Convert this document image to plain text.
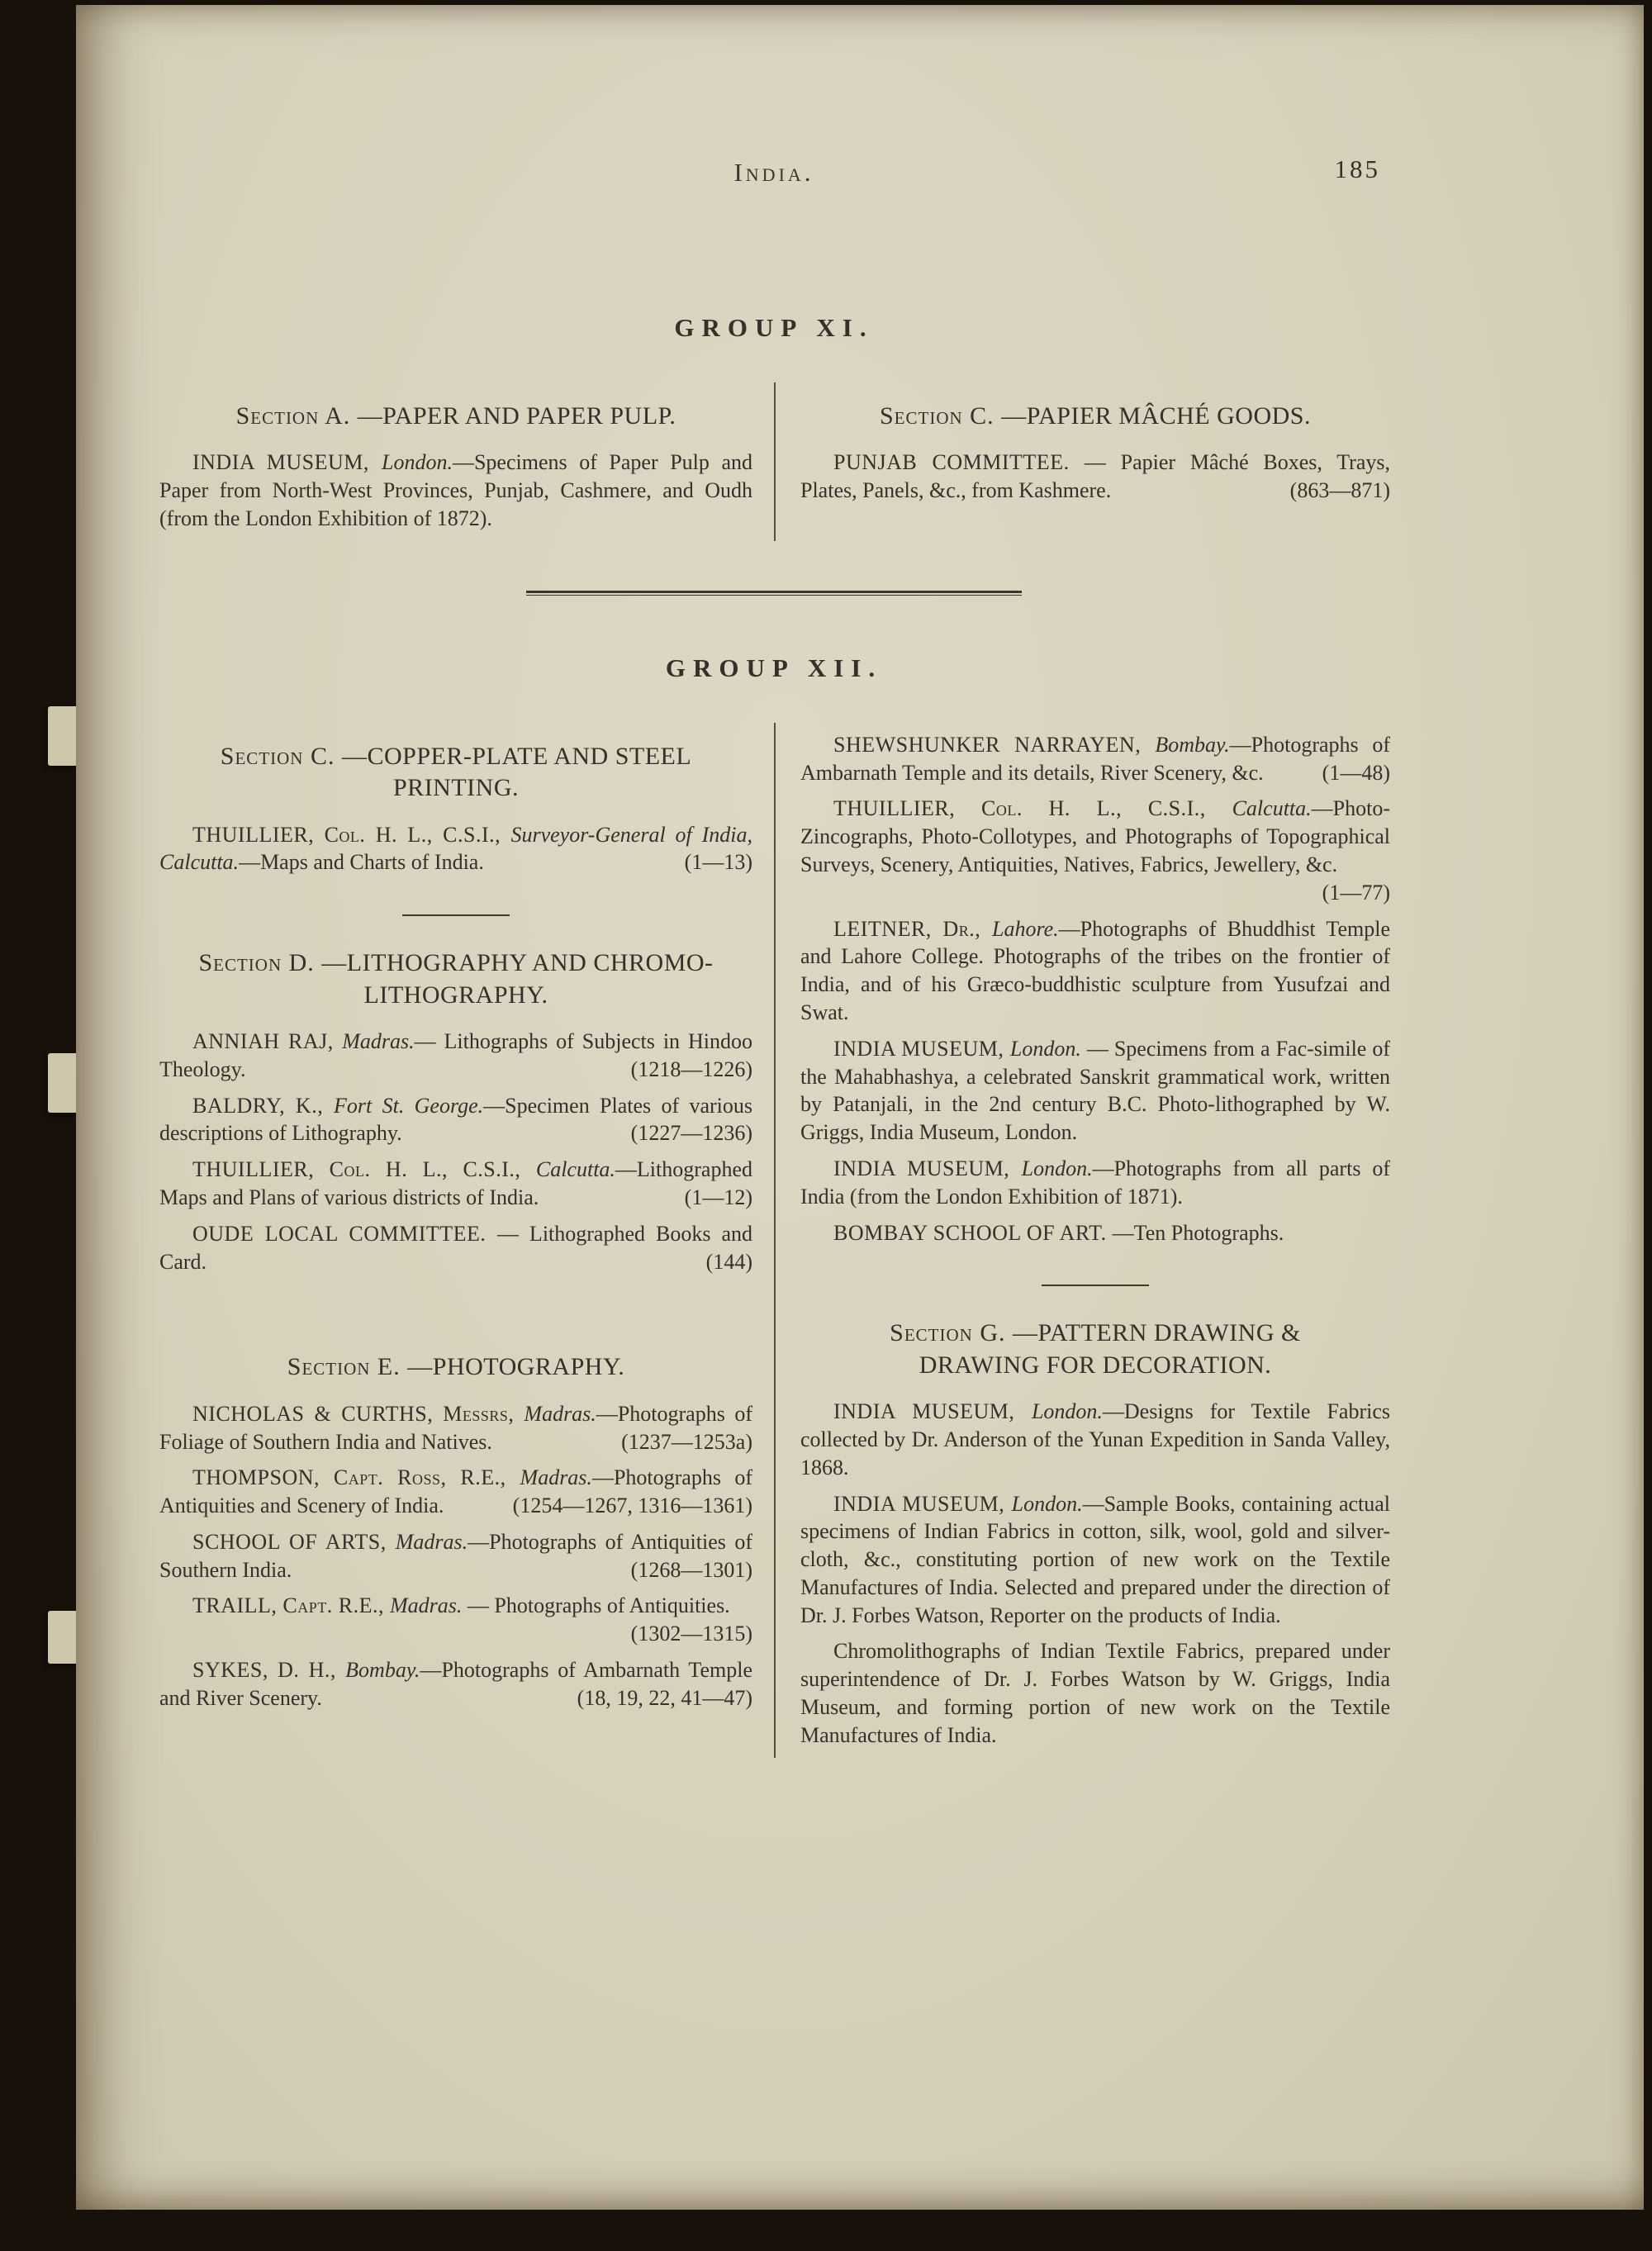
India.	185
GROUP XI.
Section A. —PAPER AND PAPER PULP.

INDIA MUSEUM, London.—Specimens of Paper Pulp and Paper from North-West Provinces, Punjab, Cashmere, and Oudh (from the London Exhibition of 1872).

Section C. —PAPIER MÂCHÉ GOODS.

PUNJAB COMMITTEE. — Papier Mâché Boxes, Trays, Plates, Panels, &c., from Kashmere.	(863—871)

GROUP XII.
Section C. —COPPER-PLATE AND STEEL PRINTING.

THUILLIER, Col. H. L., C.S.I., Surveyor-General of India, Calcutta.—Maps and Charts of India.	(1—13)

Section D. —LITHOGRAPHY AND CHROMO-LITHOGRAPHY.

ANNIAH RAJ, Madras.— Lithographs of Subjects in Hindoo Theology.	(1218—1226)

BALDRY, K., Fort St. George.—Specimen Plates of various descriptions of Lithography.	(1227—1236)

THUILLIER, Col. H. L., C.S.I., Calcutta.—Lithographed Maps and Plans of various districts of India.	(1—12)

OUDE LOCAL COMMITTEE. — Lithographed Books and Card.	(144)

Section E. —PHOTOGRAPHY.

NICHOLAS & CURTHS, Messrs, Madras.—Photographs of Foliage of Southern India and Natives.	(1237—1253a)

THOMPSON, Capt. Ross, R.E., Madras.—Photographs of Antiquities and Scenery of India.	(1254—1267, 1316—1361)

SCHOOL OF ARTS, Madras.—Photographs of Antiquities of Southern India.	(1268—1301)

TRAILL, Capt. R.E., Madras. — Photographs of Antiquities.
(1302—1315)

SYKES, D. H., Bombay.—Photographs of Ambarnath Temple and River Scenery.	(18, 19, 22, 41—47)

SHEWSHUNKER NARRAYEN, Bombay.—Photographs of Ambarnath Temple and its details, River Scenery, &c.	(1—48)

THUILLIER, Col. H. L., C.S.I., Calcutta.—Photo-Zincographs, Photo-Collotypes, and Photographs of Topographical Surveys, Scenery, Antiquities, Natives, Fabrics, Jewellery, &c.
(1—77)

LEITNER, Dr., Lahore.—Photographs of Bhuddhist Temple and Lahore College. Photographs of the tribes on the frontier of India, and of his Græco-buddhistic sculpture from Yusufzai and Swat.

INDIA MUSEUM, London. — Specimens from a Fac-simile of the Mahabhashya, a celebrated Sanskrit grammatical work, written by Patanjali, in the 2nd century B.C. Photo-lithographed by W. Griggs, India Museum, London.

INDIA MUSEUM, London.—Photographs from all parts of India (from the London Exhibition of 1871).

BOMBAY SCHOOL OF ART. —Ten Photographs.

Section G. —PATTERN DRAWING & DRAWING FOR DECORATION.

INDIA MUSEUM, London.—Designs for Textile Fabrics collected by Dr. Anderson of the Yunan Expedition in Sanda Valley, 1868.

INDIA MUSEUM, London.—Sample Books, containing actual specimens of Indian Fabrics in cotton, silk, wool, gold and silver-cloth, &c., constituting portion of new work on the Textile Manufactures of India. Selected and prepared under the direction of Dr. J. Forbes Watson, Reporter on the products of India.

Chromolithographs of Indian Textile Fabrics, prepared under superintendence of Dr. J. Forbes Watson by W. Griggs, India Museum, and forming portion of new work on the Textile Manufactures of India.
